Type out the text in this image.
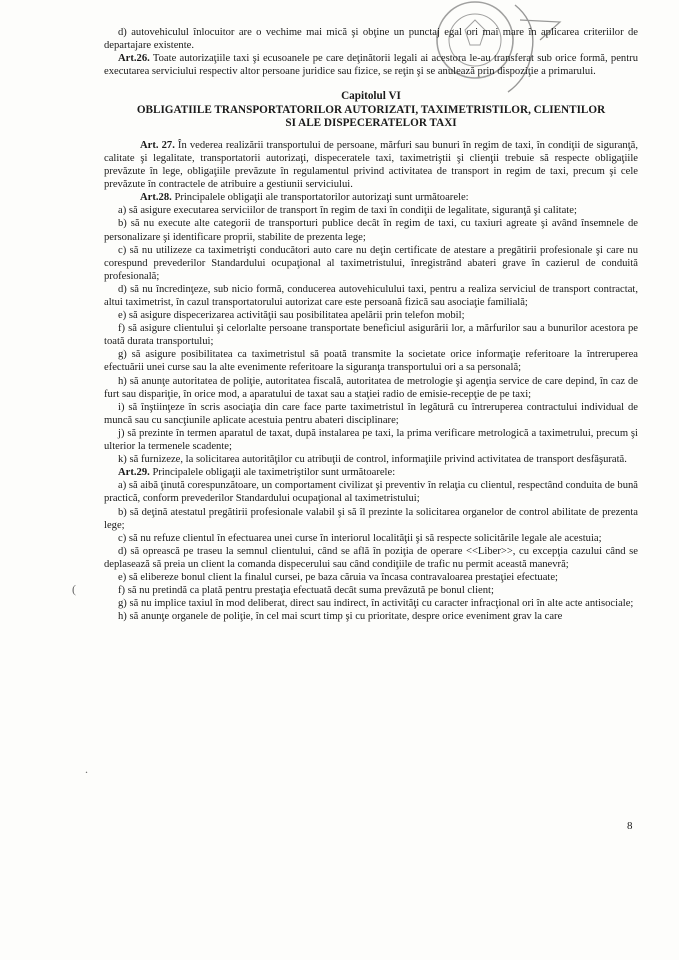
d) autovehiculul înlocuitor are o vechime mai mică şi obţine un punctaj egal ori mai mare în aplicarea criteriilor de departajare existente.

Art.26. Toate autorizaţiile taxi şi ecusoanele pe care deţinătorii legali ai acestora le-au transferat sub orice formă, pentru executarea serviciului respectiv altor persoane juridice sau fizice, se reţin şi se anulează prin dispoziţie a primarului.

Capitolul VI
OBLIGATIILE TRANSPORTATORILOR AUTORIZATI, TAXIMETRISTILOR, CLIENTILOR
SI ALE DISPECERATELOR TAXI

Art. 27. În vederea realizării transportului de persoane, mărfuri sau bunuri în regim de taxi, în condiţii de siguranţă, calitate şi legalitate, transportatorii autorizaţi, dispeceratele taxi, taximetriştii şi clienţii trebuie să respecte obligaţiile prevăzute în lege, obligaţiile prevăzute în regulamentul privind activitatea de transport in regim de taxi, precum şi cele prevăzute în contractele de atribuire a gestiunii serviciului.

Art.28. Principalele obligaţii ale transportatorilor autorizaţi sunt următoarele:

a) să asigure executarea serviciilor de transport în regim de taxi în condiţii de legalitate, siguranţă şi calitate;

b) să nu execute alte categorii de transporturi publice decât în regim de taxi, cu taxiuri agreate şi având însemnele de personalizare şi identificare proprii, stabilite de prezenta lege;

c) să nu utilizeze ca taximetrişti conducători auto care nu deţin certificate de atestare a pregătirii profesionale şi care nu corespund prevederilor Standardului ocupaţional al taximetristului, înregistrând abateri grave în cazierul de conduită profesională;

d) să nu încredinţeze, sub nicio formă, conducerea autovehiculului taxi, pentru a realiza serviciul de transport contractat, altui taximetrist, în cazul transportatorului autorizat care este persoană fizică sau asociaţie familială;

e) să asigure dispecerizarea activităţii sau posibilitatea apelării prin telefon mobil;

f) să asigure clientului şi celorlalte persoane transportate beneficiul asigurării lor, a mărfurilor sau a bunurilor acestora pe toată durata transportului;

g) să asigure posibilitatea ca taximetristul să poată transmite la societate orice informaţie referitoare la întreruperea efectuării unei curse sau la alte evenimente referitoare la siguranţa transportului ori a sa personală;

h) să anunţe autoritatea de poliţie, autoritatea fiscală, autoritatea de metrologie şi agenţia service de care depind, în caz de furt sau dispariţie, în orice mod, a aparatului de taxat sau a staţiei radio de emisie-recepţie de pe taxi;

i) să înştiinţeze în scris asociaţia din care face parte taximetristul în legătură cu întreruperea contractului individual de muncă sau cu sancţiunile aplicate acestuia pentru abateri disciplinare;

j) să prezinte în termen aparatul de taxat, după instalarea pe taxi, la prima verificare metrologică a taximetrului, precum şi ulterior la termenele scadente;

k) să furnizeze, la solicitarea autorităţilor cu atribuţii de control, informaţiile privind activitatea de transport desfăşurată.

Art.29. Principalele obligaţii ale taximetriştilor sunt următoarele:

a) să aibă ţinută corespunzătoare, un comportament civilizat şi preventiv în relaţia cu clientul, respectând conduita de bună practică, conform prevederilor Standardului ocupaţional al taximetristului;

b) să deţină atestatul pregătirii profesionale valabil şi să îl prezinte la solicitarea organelor de control abilitate de prezenta lege;

c) să nu refuze clientul în efectuarea unei curse în interiorul localităţii şi să respecte solicitările legale ale acestuia;

d) să oprească pe traseu la semnul clientului, când se află în poziţia de operare <<Liber>>, cu excepţia cazului când se deplasează să preia un client la comanda dispecerului sau când condiţiile de trafic nu permit această manevră;

e) să elibereze bonul client la finalul cursei, pe baza căruia va încasa contravaloarea prestaţiei efectuate;

f) să nu pretindă ca plată pentru prestaţia efectuată decât suma prevăzută pe bonul client;

g) să nu implice taxiul în mod deliberat, direct sau indirect, în activităţi cu caracter infracţional ori în alte acte antisociale;

h) să anunţe organele de poliţie, în cel mai scurt timp şi cu prioritate, despre orice eveniment grav la care

(
.
8
